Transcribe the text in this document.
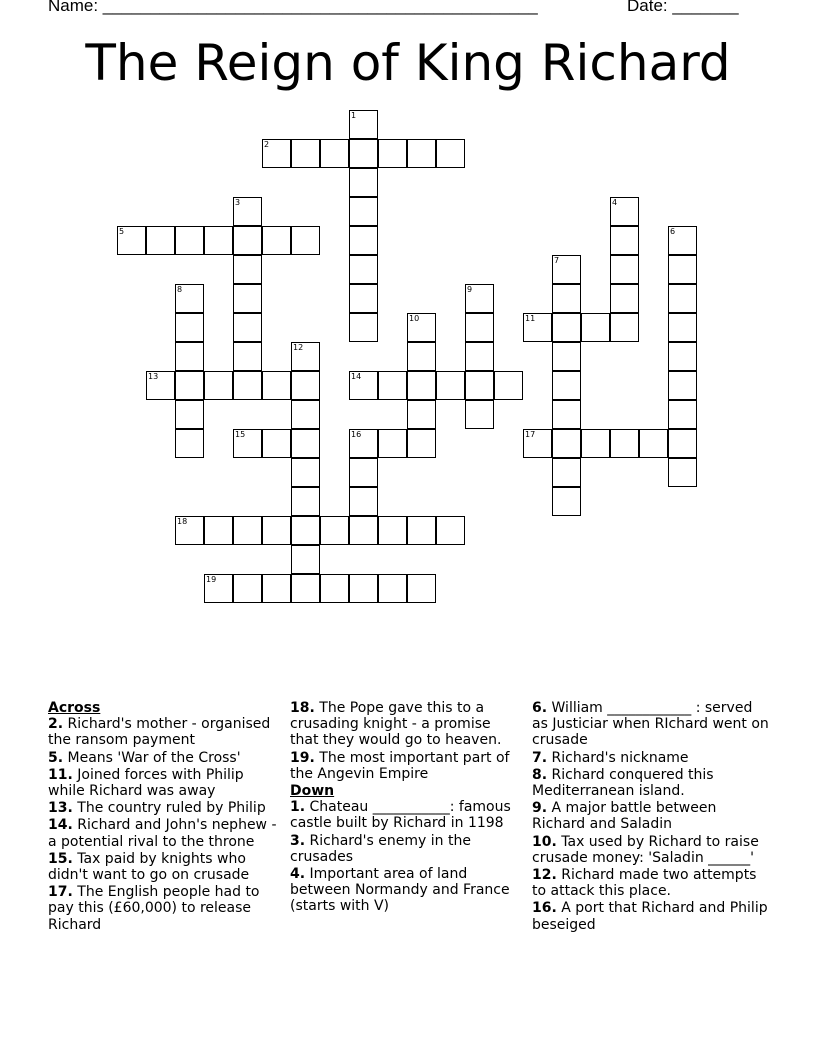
Name: ______________________________________________	Date: _______
The Reign of King Richard
1
2
3	4
5	6
7
8	9
10	11
12
13	14
15	16	17
18
19
Across
2. Richard's mother - organised the ransom payment
5. Means 'War of the Cross'
11. Joined forces with Philip while Richard was away
13. The country ruled by Philip
14. Richard and John's nephew - a potential rival to the throne
15. Tax paid by knights who didn't want to go on crusade
17. The English people had to pay this (£60,000) to release Richard
18. The Pope gave this to a crusading knight - a promise that they would go to heaven.
19. The most important part of the Angevin Empire
Down
1. Chateau ___________: famous castle built by Richard in 1198
3. Richard's enemy in the crusades
4. Important area of land between Normandy and France (starts with V)
6. William ____________ : served as Justiciar when RIchard went on crusade
7. Richard's nickname
8. Richard conquered this Mediterranean island.
9. A major battle between Richard and Saladin
10. Tax used by Richard to raise crusade money: 'Saladin ______'
12. Richard made two attempts to attack this place.
16. A port that Richard and Philip beseiged
